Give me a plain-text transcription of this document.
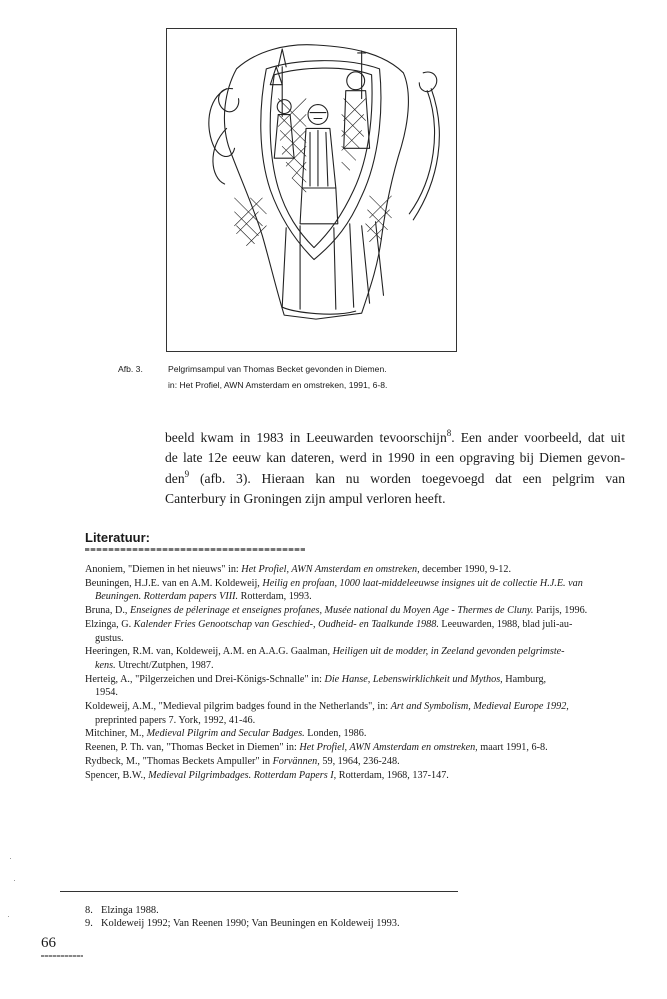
Afb. 3.	Pelgrimsampul van Thomas Becket gevonden in Diemen.
in: Het Profiel, AWN Amsterdam en omstreken, 1991, 6-8.
beeld kwam in 1983 in Leeuwarden tevoorschijn$^8$. Een ander voorbeeld, dat uit
de late 12e eeuw kan dateren, werd in 1990 in een opgraving bij Diemen gevon-
den$^9$ (afb. 3). Hieraan kan nu worden toegevoegd dat een pelgrim van
Canterbury in Groningen zijn ampul verloren heeft.
Literatuur:
Anoniem, "Diemen in het nieuws" in: Het Profiel, AWN Amsterdam en omstreken, december 1990, 9-12.
Beuningen, H.J.E. van en A.M. Koldeweij, Heilig en profaan, 1000 laat-middeleeuwse insignes uit de collectie H.J.E. van
Beuningen. Rotterdam papers VIII. Rotterdam, 1993.
Bruna, D., Enseignes de pélerinage et enseignes profanes, Musée national du Moyen Age - Thermes de Cluny. Parijs, 1996.
Elzinga, G. Kalender Fries Genootschap van Geschied-, Oudheid- en Taalkunde 1988. Leeuwarden, 1988, blad juli-au-
gustus.
Heeringen, R.M. van, Koldeweij, A.M. en A.A.G. Gaalman, Heiligen uit de modder, in Zeeland gevonden pelgrimste-
kens. Utrecht/Zutphen, 1987.
Herteig, A., "Pilgerzeichen und Drei-Königs-Schnalle" in: Die Hanse, Lebenswirklichkeit und Mythos, Hamburg,
1954.
Koldeweij, A.M., "Medieval pilgrim badges found in the Netherlands", in: Art and Symbolism, Medieval Europe 1992,
preprinted papers 7. York, 1992, 41-46.
Mitchiner, M., Medieval Pilgrim and Secular Badges. Londen, 1986.
Reenen, P. Th. van, "Thomas Becket in Diemen" in: Het Profiel, AWN Amsterdam en omstreken, maart 1991, 6-8.
Rydbeck, M., "Thomas Beckets Ampuller" in Forvännen, 59, 1964, 236-248.
Spencer, B.W., Medieval Pilgrimbadges. Rotterdam Papers I, Rotterdam, 1968, 137-147.
8. Elzinga 1988.
9. Koldeweij 1992; Van Reenen 1990; Van Beuningen en Koldeweij 1993.
66
